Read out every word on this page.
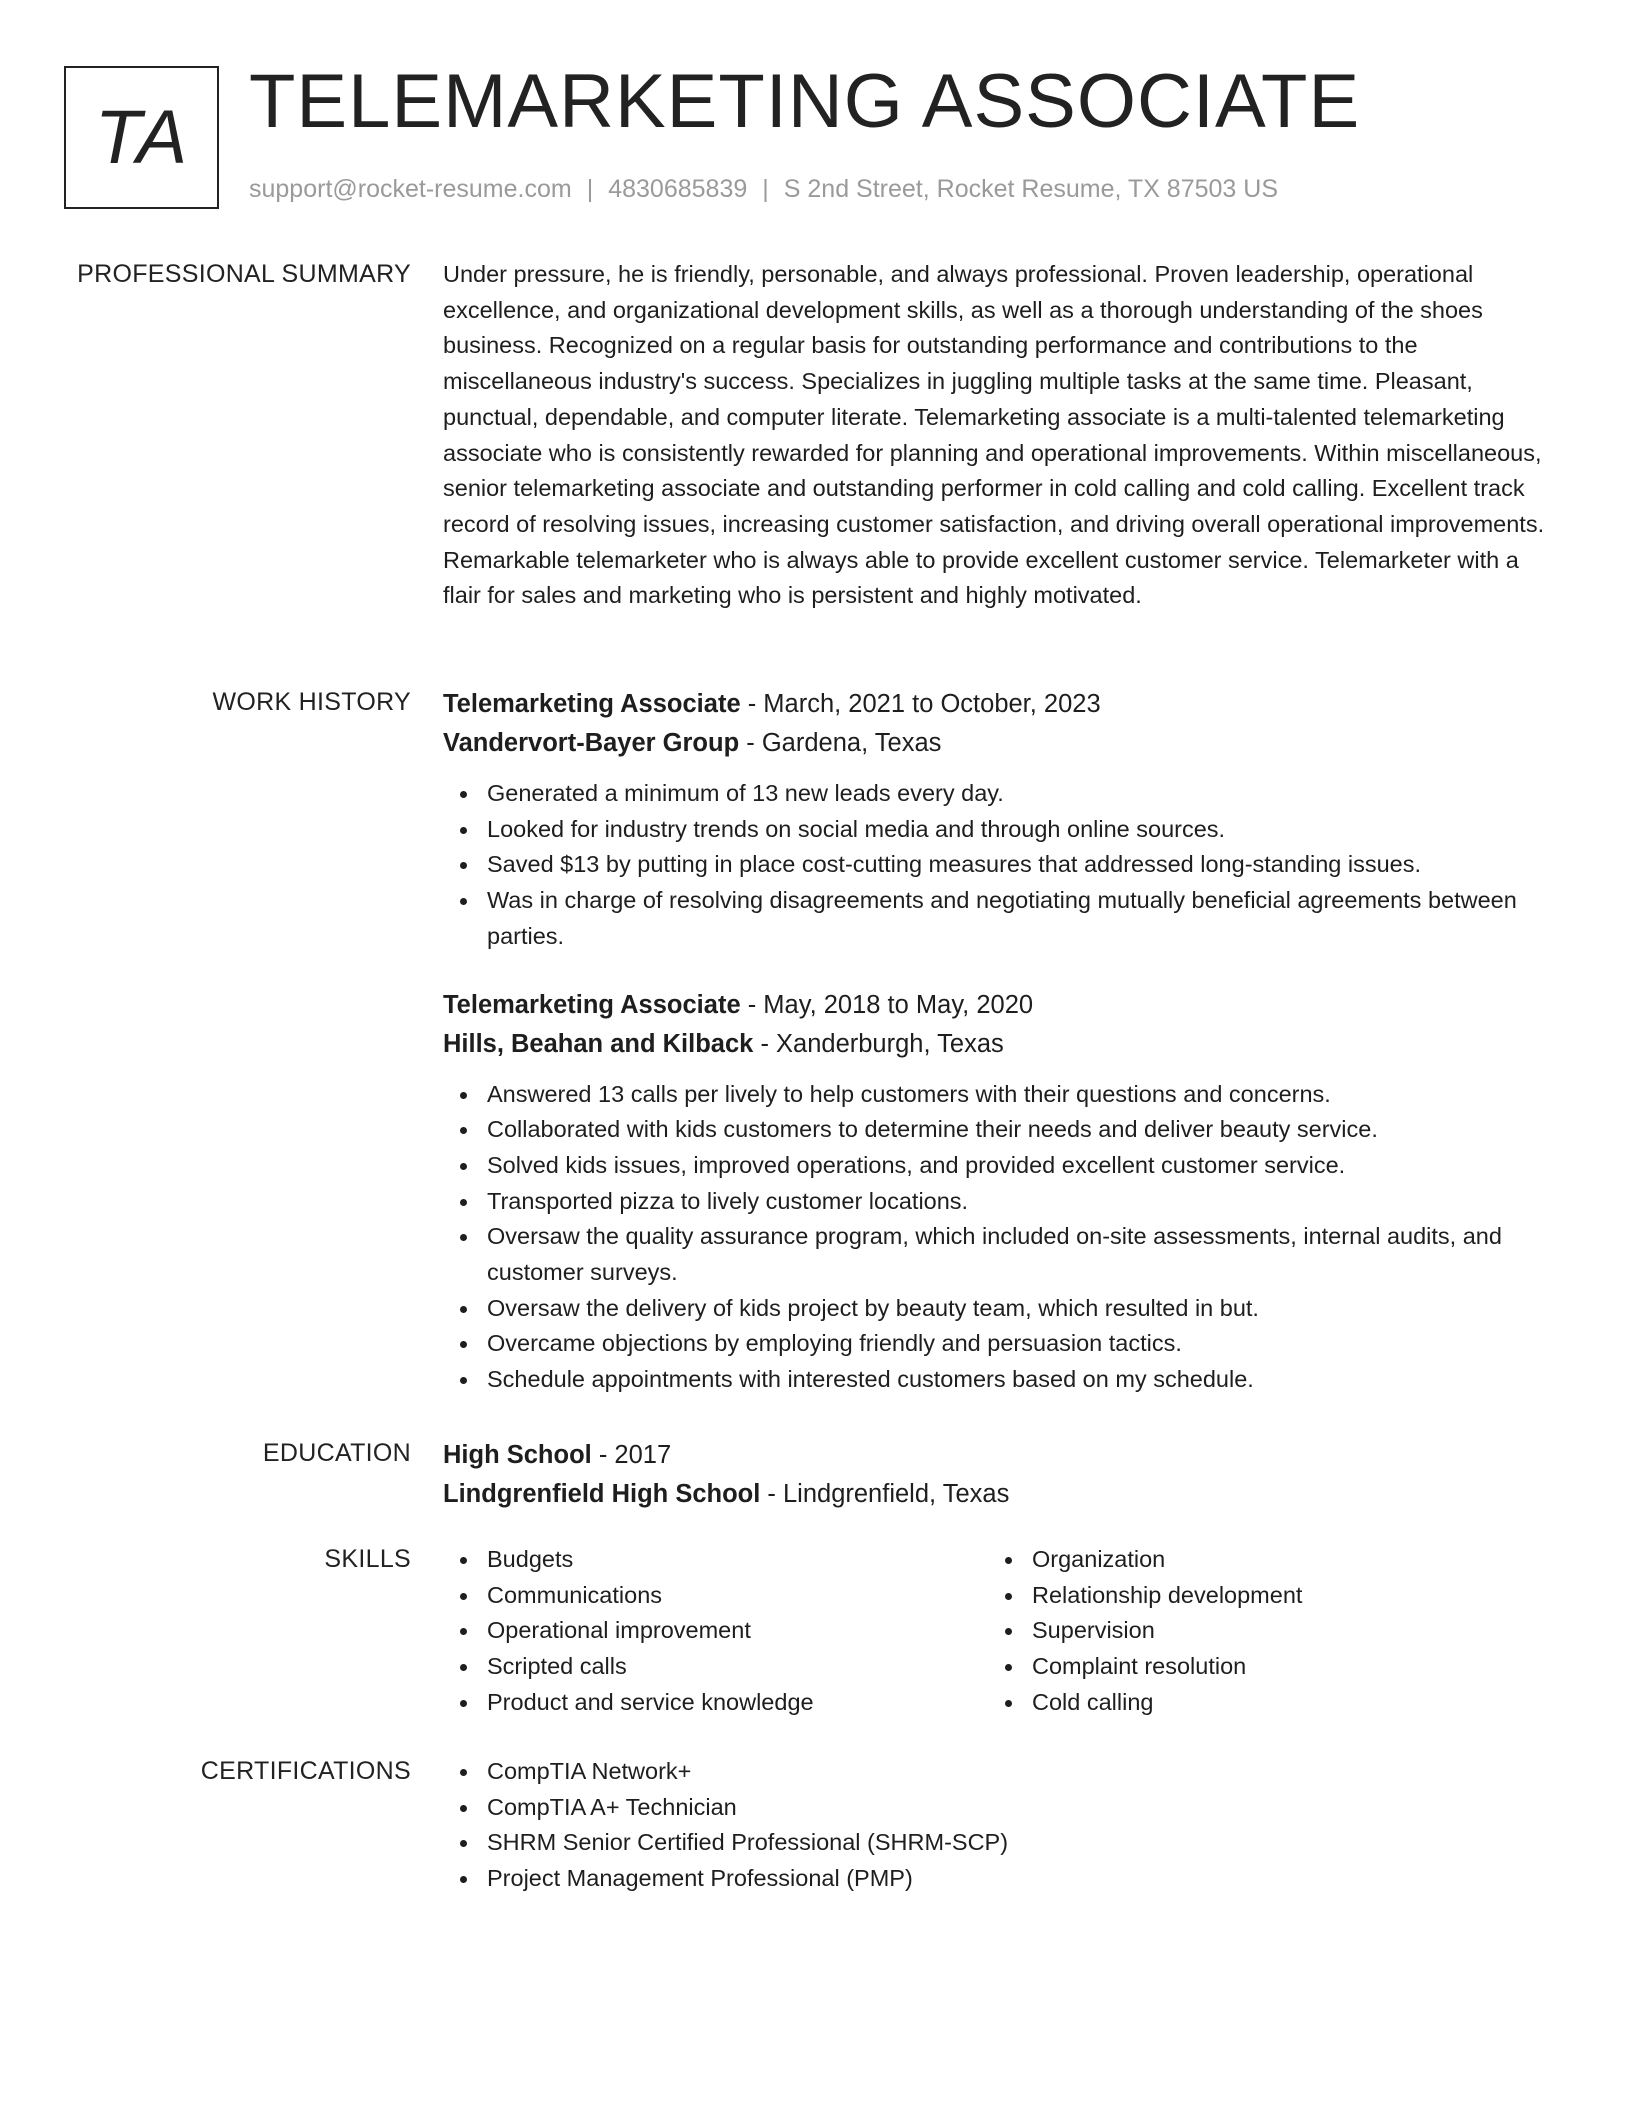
TA TELEMARKETING ASSOCIATE
support@rocket-resume.com | 4830685839 | S 2nd Street, Rocket Resume, TX 87503 US
PROFESSIONAL SUMMARY Under pressure, he is friendly, personable, and always professional. Proven leadership, operational excellence, and organizational development skills, as well as a thorough understanding of the shoes business. Recognized on a regular basis for outstanding performance and contributions to the miscellaneous industry's success. Specializes in juggling multiple tasks at the same time. Pleasant, punctual, dependable, and computer literate. Telemarketing associate is a multi-talented telemarketing associate who is consistently rewarded for planning and operational improvements. Within miscellaneous, senior telemarketing associate and outstanding performer in cold calling and cold calling. Excellent track record of resolving issues, increasing customer satisfaction, and driving overall operational improvements. Remarkable telemarketer who is always able to provide excellent customer service. Telemarketer with a flair for sales and marketing who is persistent and highly motivated.

WORK HISTORY Telemarketing Associate - March, 2021 to October, 2023

Vandervort-Bayer Group - Gardena, Texas

Generated a minimum of 13 new leads every day.
Looked for industry trends on social media and through online sources.
Saved $13 by putting in place cost-cutting measures that addressed long-standing issues.
Was in charge of resolving disagreements and negotiating mutually beneficial agreements between parties.

Telemarketing Associate - May, 2018 to May, 2020

Hills, Beahan and Kilback - Xanderburgh, Texas

Answered 13 calls per lively to help customers with their questions and concerns.
Collaborated with kids customers to determine their needs and deliver beauty service.
Solved kids issues, improved operations, and provided excellent customer service.
Transported pizza to lively customer locations.
Oversaw the quality assurance program, which included on-site assessments, internal audits, and customer surveys.
Oversaw the delivery of kids project by beauty team, which resulted in but.
Overcame objections by employing friendly and persuasion tactics.
Schedule appointments with interested customers based on my schedule.
EDUCATION High School - 2017

Lindgrenfield High School - Lindgrenfield, Texas

SKILLS	Budgets
Communications
Operational improvement
Scripted calls
Product and service knowledge
Organization
Relationship development
Supervision
Complaint resolution
Cold calling
CERTIFICATIONS	CompTIA Network+
CompTIA A+ Technician
SHRM Senior Certified Professional (SHRM-SCP)
Project Management Professional (PMP)
